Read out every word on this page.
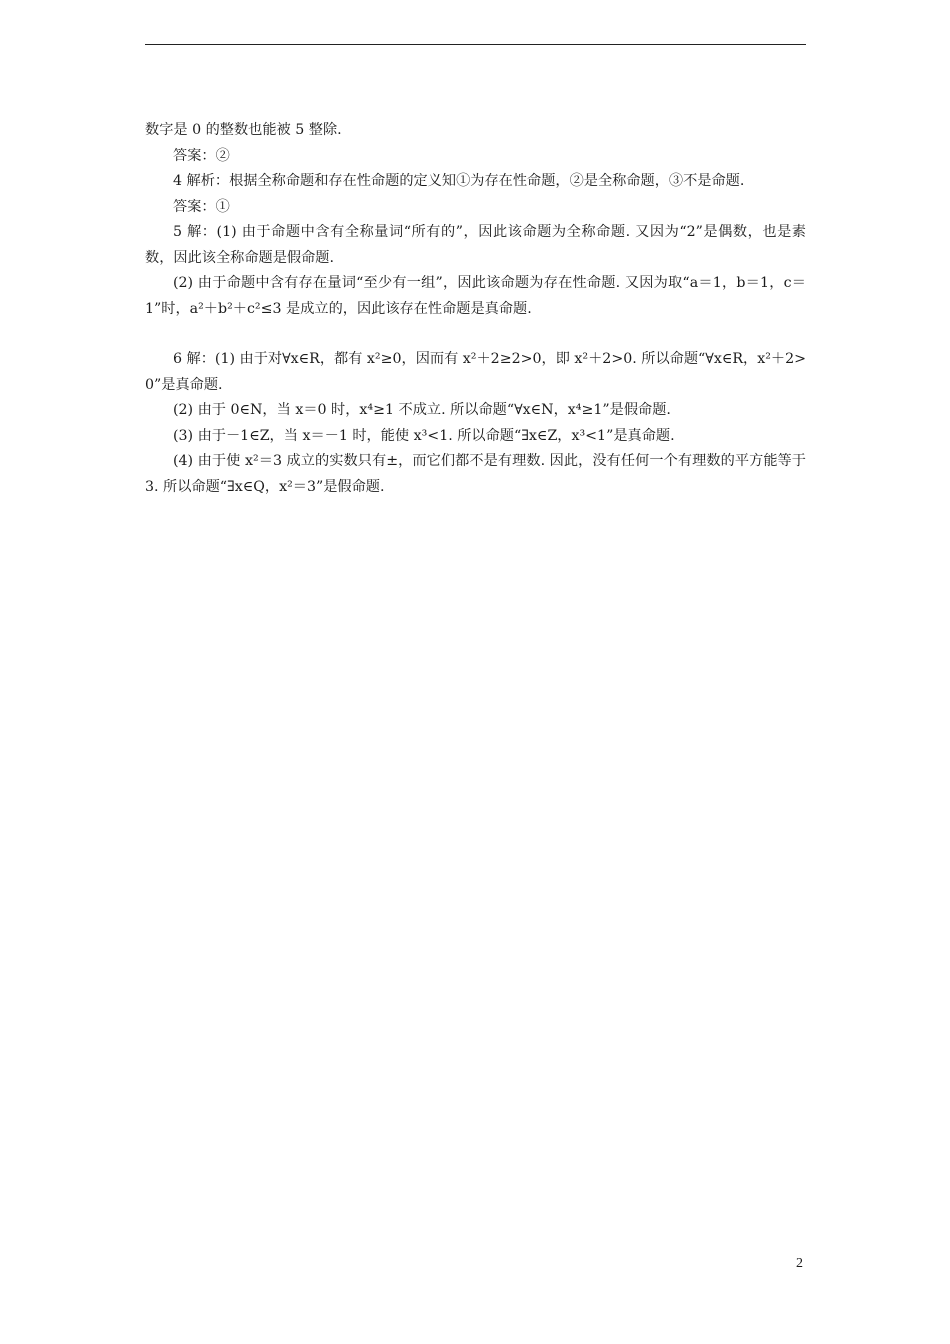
数字是 0 的整数也能被 5 整除.

答案：②

4 解析：根据全称命题和存在性命题的定义知①为存在性命题，②是全称命题，③不是命题.

答案：①

5 解：(1) 由于命题中含有全称量词“所有的”，因此该命题为全称命题. 又因为“2”是偶数，也是素数，因此该全称命题是假命题.

(2) 由于命题中含有存在量词“至少有一组”，因此该命题为存在性命题. 又因为取“a＝1，b＝1，c＝1”时，a²＋b²＋c²≤3 是成立的，因此该存在性命题是真命题.

6 解：(1) 由于对∀x∈R，都有 x²≥0，因而有 x²＋2≥2>0，即 x²＋2>0. 所以命题“∀x∈R，x²＋2>0”是真命题.

(2) 由于 0∈N，当 x＝0 时，x⁴≥1 不成立. 所以命题“∀x∈N，x⁴≥1”是假命题.

(3) 由于－1∈Z，当 x＝－1 时，能使 x³<1. 所以命题“∃x∈Z，x³<1”是真命题.

(4) 由于使 x²＝3 成立的实数只有±，而它们都不是有理数. 因此，没有任何一个有理数的平方能等于 3. 所以命题“∃x∈Q，x²＝3”是假命题.

2
